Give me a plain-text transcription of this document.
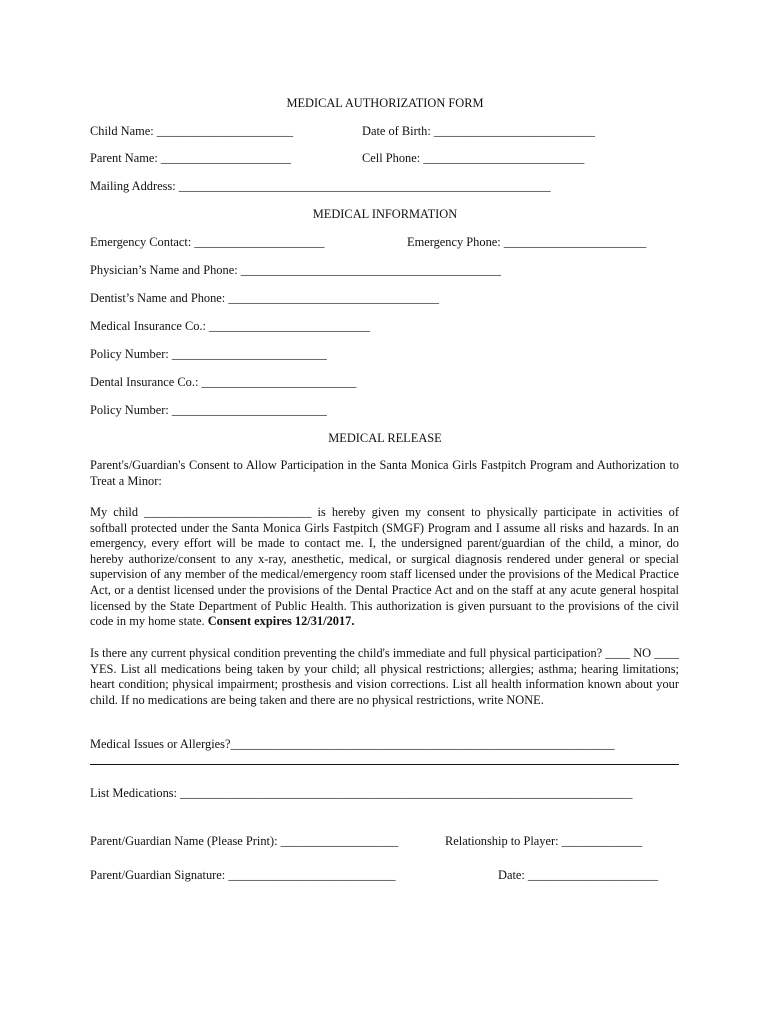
MEDICAL AUTHORIZATION FORM
Child Name: ______________________	Date of Birth: __________________________
Parent Name: _____________________	Cell Phone: __________________________
Mailing Address: ____________________________________________________________
MEDICAL INFORMATION
Emergency Contact: _____________________	Emergency Phone: _______________________
Physician’s Name and Phone: __________________________________________
Dentist’s Name and Phone: __________________________________
Medical Insurance Co.: __________________________
Policy Number: _________________________
Dental Insurance Co.: _________________________
Policy Number: _________________________
MEDICAL RELEASE
Parent's/Guardian's Consent to Allow Participation in the Santa Monica Girls Fastpitch Program and Authorization to Treat a Minor:
My child ___________________________ is hereby given my consent to physically participate in activities of softball protected under the Santa Monica Girls Fastpitch (SMGF) Program and I assume all risks and hazards. In an emergency, every effort will be made to contact me. I, the undersigned parent/guardian of the child, a minor, do hereby authorize/consent to any x-ray, anesthetic, medical, or surgical diagnosis rendered under general or special supervision of any member of the medical/emergency room staff licensed under the provisions of the Medical Practice Act, or a dentist licensed under the provisions of the Dental Practice Act and on the staff at any acute general hospital licensed by the State Department of Public Health. This authorization is given pursuant to the provisions of the civil code in my home state. Consent expires 12/31/2017.
Is there any current physical condition preventing the child's immediate and full physical participation? ____ NO ____ YES. List all medications being taken by your child; all physical restrictions; allergies; asthma; hearing limitations; heart condition; physical impairment; prosthesis and vision corrections. List all health information known about your child. If no medications are being taken and there are no physical restrictions, write NONE.
Medical Issues or Allergies?______________________________________________________________
List Medications: _________________________________________________________________________
Parent/Guardian Name (Please Print): ___________________	Relationship to Player: _____________
Parent/Guardian Signature: ___________________________	Date: _____________________
